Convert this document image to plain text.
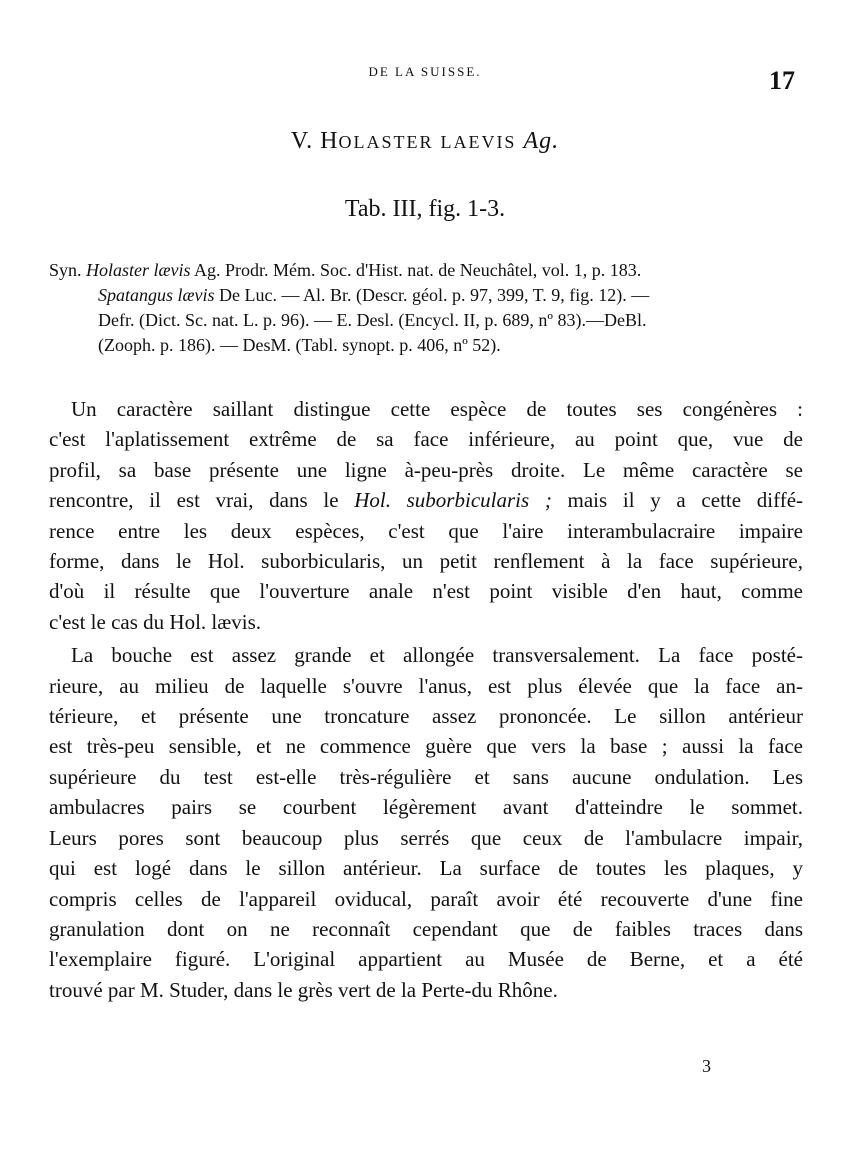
DE LA SUISSE.	17
V. HOLASTER LAEVIS Ag.
Tab. III, fig. 1-3.
Syn. Holaster lævis Ag. Prodr. Mém. Soc. d'Hist. nat. de Neuchâtel, vol. 1, p. 183.
Spatangus lævis De Luc. — Al. Br. (Descr. géol. p. 97, 399, T. 9, fig. 12). —
Defr. (Dict. Sc. nat. L. p. 96). — E. Desl. (Encycl. II, p. 689, nº 83).—DeBl.
(Zooph. p. 186). — DesM. (Tabl. synopt. p. 406, nº 52).

Un caractère saillant distingue cette espèce de toutes ses congénères :
c'est l'aplatissement extrême de sa face inférieure, au point que, vue de
profil, sa base présente une ligne à-peu-près droite. Le même caractère se
rencontre, il est vrai, dans le Hol. suborbicularis ; mais il y a cette diffé-
rence entre les deux espèces, c'est que l'aire interambulacraire impaire
forme, dans le Hol. suborbicularis, un petit renflement à la face supérieure,
d'où il résulte que l'ouverture anale n'est point visible d'en haut, comme
c'est le cas du Hol. lævis.

La bouche est assez grande et allongée transversalement. La face posté-
rieure, au milieu de laquelle s'ouvre l'anus, est plus élevée que la face an-
térieure, et présente une troncature assez prononcée. Le sillon antérieur
est très-peu sensible, et ne commence guère que vers la base ; aussi la face
supérieure du test est-elle très-régulière et sans aucune ondulation. Les
ambulacres pairs se courbent légèrement avant d'atteindre le sommet.
Leurs pores sont beaucoup plus serrés que ceux de l'ambulacre impair,
qui est logé dans le sillon antérieur. La surface de toutes les plaques, y
compris celles de l'appareil oviducal, paraît avoir été recouverte d'une fine
granulation dont on ne reconnaît cependant que de faibles traces dans
l'exemplaire figuré. L'original appartient au Musée de Berne, et a été
trouvé par M. Studer, dans le grès vert de la Perte-du Rhône.

3
